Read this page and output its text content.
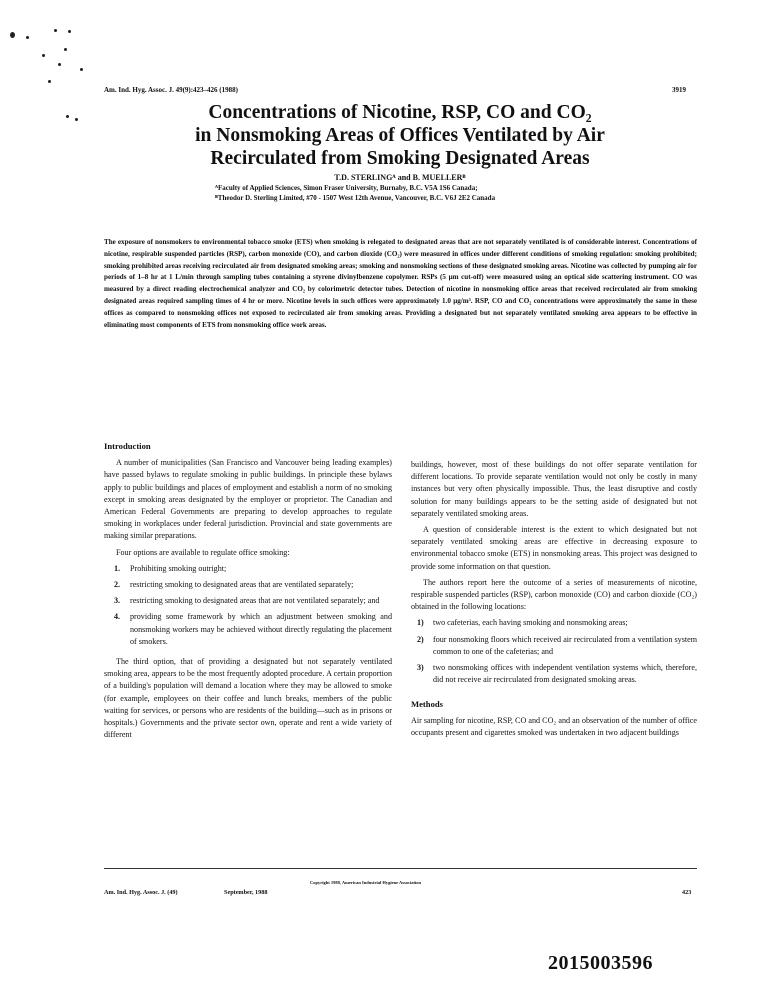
Am. Ind. Hyg. Assoc. J. 49(9):423–426 (1988)	3919
Concentrations of Nicotine, RSP, CO and CO₂
in Nonsmoking Areas of Offices Ventilated by Air
Recirculated from Smoking Designated Areas
T.D. STERLINGᴬ and B. MUELLERᴮ
ᴬFaculty of Applied Sciences, Simon Fraser University, Burnaby, B.C. V5A 1S6 Canada;
ᴮTheodor D. Sterling Limited, #70 - 1507 West 12th Avenue, Vancouver, B.C. V6J 2E2 Canada
The exposure of nonsmokers to environmental tobacco smoke (ETS) when smoking is relegated to designated areas that are not separately ventilated is of considerable interest. Concentrations of nicotine, respirable suspended particles (RSP), carbon monoxide (CO), and carbon dioxide (CO₂) were measured in offices under different conditions of smoking regulation: smoking prohibited; smoking prohibited areas receiving recirculated air from designated smoking areas; smoking and nonsmoking sections of these designated smoking areas. Nicotine was collected by pumping air for periods of 1–8 hr at 1 L/min through sampling tubes containing a styrene divinylbenzene copolymer. RSPs (5 μm cut-off) were measured using an optical side scattering instrument. CO was measured by a direct reading electrochemical analyzer and CO₂ by colorimetric detector tubes. Detection of nicotine in nonsmoking office areas that received recirculated air from smoking designated areas required sampling times of 4 hr or more. Nicotine levels in such offices were approximately 1.0 μg/m³. RSP, CO and CO₂ concentrations were approximately the same in these offices as compared to nonsmoking offices not exposed to recirculated air from smoking areas. Providing a designated but not separately ventilated smoking area appears to be effective in eliminating most components of ETS from nonsmoking office work areas.
Introduction

A number of municipalities (San Francisco and Vancouver being leading examples) have passed bylaws to regulate smoking in public buildings. In principle these bylaws apply to public buildings and places of employment and establish a norm of no smoking except in smoking areas designated by the employer or proprietor. The Canadian and American Federal Governments are preparing to develop approaches to regulate smoking in workplaces under federal jurisdiction. Provincial and state governments are making similar preparations.

Four options are available to regulate office smoking:

1. Prohibiting smoking outright;
2. restricting smoking to designated areas that are ventilated separately;
3. restricting smoking to designated areas that are not ventilated separately; and
4. providing some framework by which an adjustment between smoking and nonsmoking workers may be achieved without directly regulating the placement of smokers.

The third option, that of providing a designated but not separately ventilated smoking area, appears to be the most frequently adopted procedure. A certain proportion of a building's population will demand a location where they may be allowed to smoke (for example, employees on their coffee and lunch breaks, members of the public waiting for services, or persons who are residents of the building—such as in prisons or hospitals.) Governments and the private sector own, operate and rent a wide variety of different

buildings, however, most of these buildings do not offer separate ventilation for different locations. To provide separate ventilation would not only be costly in many instances but very often physically impossible. Thus, the least disruptive and costly solution for many buildings appears to be the setting aside of designated but not separately ventilated smoking areas.

A question of considerable interest is the extent to which designated but not separately ventilated smoking areas are effective in decreasing exposure to environmental tobacco smoke (ETS) in nonsmoking areas. This project was designed to provide some information on that question.

The authors report here the outcome of a series of measurements of nicotine, respirable suspended particles (RSP), carbon monoxide (CO) and carbon dioxide (CO₂) obtained in the following locations:

1) two cafeterias, each having smoking and nonsmoking areas;
2) four nonsmoking floors which received air recirculated from a ventilation system common to one of the cafeterias; and
3) two nonsmoking offices with independent ventilation systems which, therefore, did not receive air recirculated from designated smoking areas.
Methods

Air sampling for nicotine, RSP, CO and CO₂ and an observation of the number of office occupants present and cigarettes smoked was undertaken in two adjacent buildings

Copyright 1988, American Industrial Hygiene Association
Am. Ind. Hyg. Assoc. J. (49)	September, 1988	423
2015003596
